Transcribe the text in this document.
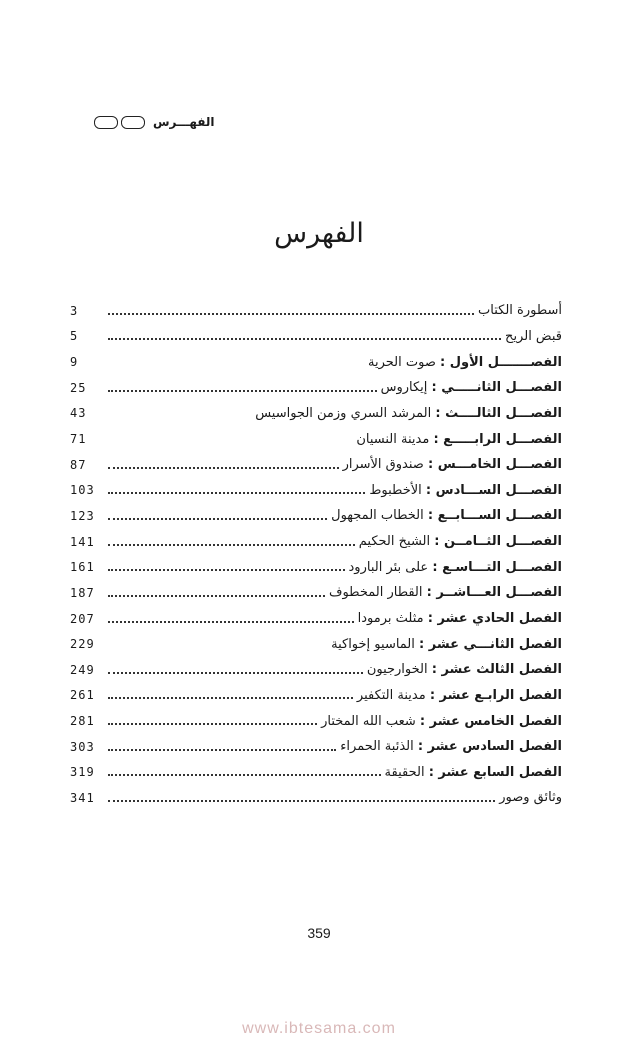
الفهـــرس
الفهرس
أسطورة الكتاب
3
قبض الريح
5
الفصـــــــل الأول : صوت الحرية
9
الفصـــل الثانـــــي : إيكاروس
25
الفصـــل الثالــــث : المرشد السري وزمن الجواسيس
43
الفصـــل الرابـــــع : مدينة النسيان
71
الفصـــل الخامـــس : صندوق الأسرار
87
الفصـــل الســـادس : الأخطبوط
103
الفصـــل الســـابــع : الخطاب المجهول
123
الفصـــل الثــامــن : الشيخ الحكيم
141
الفصـــل التـــاسـع : على بئر البارود
161
الفصـــل العـــاشــر : القطار المخطوف
187
الفصل الحادي عشر : مثلث برمودا
207
الفصل الثانـــي عشر : الماسيو إخواكية
229
الفصل الثالث عشر : الخوارجيون
249
الفصل الرابـع عشر : مدينة التكفير
261
الفصل الخامس عشر : شعب الله المختار
281
الفصل السادس عشر : الذئبة الحمراء
303
الفصل السابع عشر : الحقيقة
319
وثائق وصور
341
359
www.ibtesama.com
